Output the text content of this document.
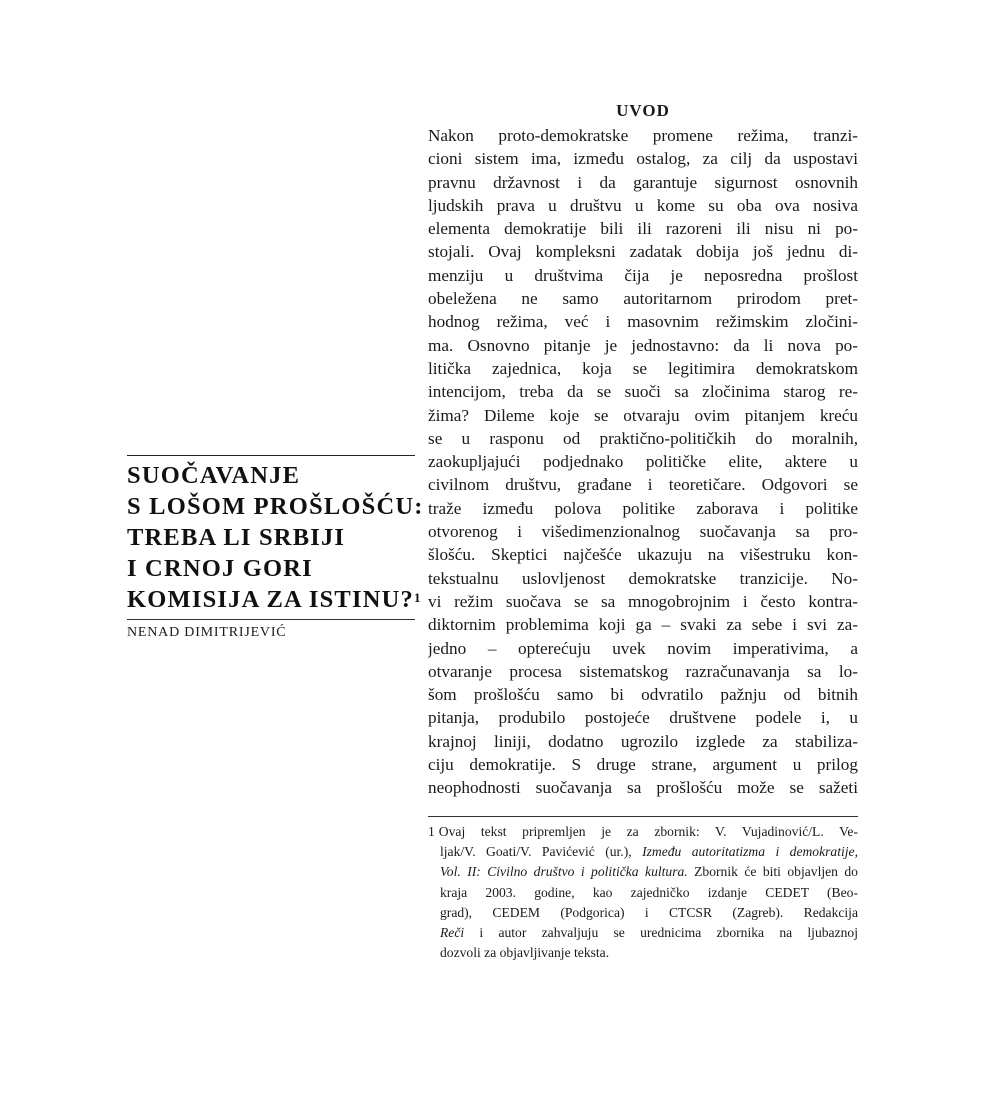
SUOČAVANJE
S LOŠOM PROŠLOŠĆU:
TREBA LI SRBIJI
I CRNOJ GORI
KOMISIJA ZA ISTINU?$^1$
NENAD DIMITRIJEVIĆ
UVOD
Nakon proto-demokratske promene režima, tranzi-
cioni sistem ima, između ostalog, za cilj da uspostavi
pravnu državnost i da garantuje sigurnost osnovnih
ljudskih prava u društvu u kome su oba ova nosiva
elementa demokratije bili ili razoreni ili nisu ni po-
stojali. Ovaj kompleksni zadatak dobija još jednu di-
menziju u društvima čija je neposredna prošlost
obeležena ne samo autoritarnom prirodom pret-
hodnog režima, već i masovnim režimskim zločini-
ma. Osnovno pitanje je jednostavno: da li nova po-
litička zajednica, koja se legitimira demokratskom
intencijom, treba da se suoči sa zločinima starog re-
žima? Dileme koje se otvaraju ovim pitanjem kreću
se u rasponu od praktično-političkih do moralnih,
zaokupljajući podjednako političke elite, aktere u
civilnom društvu, građane i teoretičare. Odgovori se
traže između polova politike zaborava i politike
otvorenog i višedimenzionalnog suočavanja sa pro-
šlošću. Skeptici najčešće ukazuju na višestruku kon-
tekstualnu uslovljenost demokratske tranzicije. No-
vi režim suočava se sa mnogobrojnim i često kontra-
diktornim problemima koji ga – svaki za sebe i svi za-
jedno – opterećuju uvek novim imperativima, a
otvaranje procesa sistematskog razračunavanja sa lo-
šom prošlošću samo bi odvratilo pažnju od bitnih
pitanja, produbilo postojeće društvene podele i, u
krajnoj liniji, dodatno ugrozilo izglede za stabiliza-
ciju demokratije. S druge strane, argument u prilog
neophodnosti suočavanja sa prošlošću može se sažeti
1 Ovaj tekst pripremljen je za zbornik: V. Vujadinović/L. Ve-
ljak/V. Goati/V. Pavićević (ur.), Između autoritatizma i demokratije,
Vol. II: Civilno društvo i politička kultura. Zbornik će biti objavljen do
kraja 2003. godine, kao zajedničko izdanje CEDET (Beo-
grad), CEDEM (Podgorica) i CTCSR (Zagreb). Redakcija
Reči i autor zahvaljuju se urednicima zbornika na ljubaznoj
dozvoli za objavljivanje teksta.
